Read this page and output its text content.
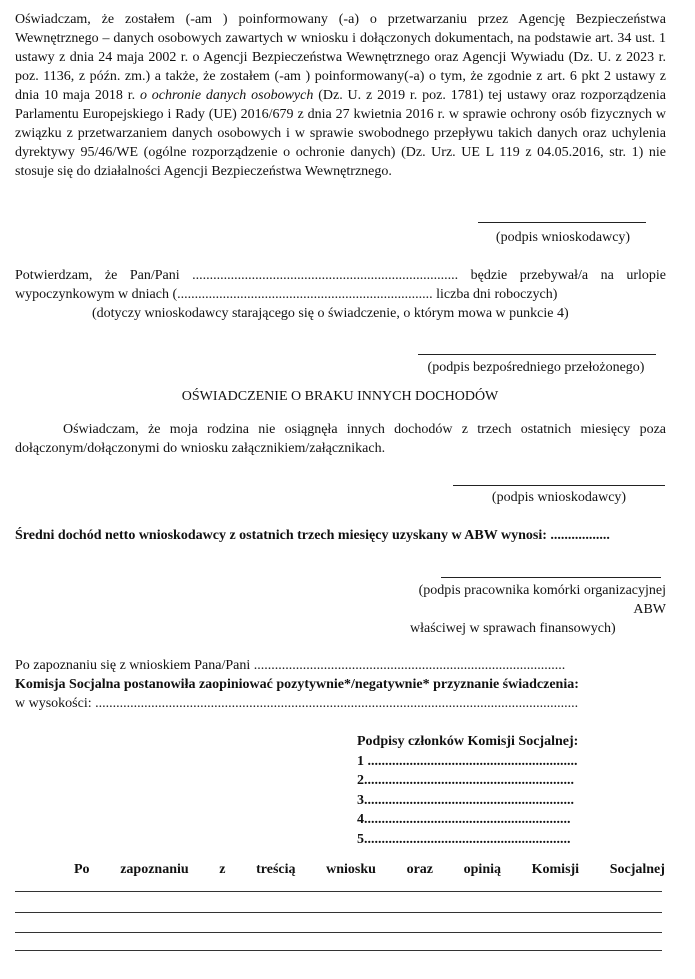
Oświadczam, że zostałem (-am ) poinformowany (-a) o przetwarzaniu przez Agencję Bezpieczeństwa Wewnętrznego – danych osobowych zawartych w wniosku i dołączonych dokumentach, na podstawie art. 34 ust. 1 ustawy z dnia 24 maja 2002 r. o Agencji Bezpieczeństwa Wewnętrznego oraz Agencji Wywiadu (Dz. U. z 2023 r. poz. 1136, z późn. zm.) a także, że zostałem (-am ) poinformowany(-a) o tym, że zgodnie z art. 6 pkt 2 ustawy z dnia 10 maja 2018 r. o ochronie danych osobowych (Dz. U. z 2019 r. poz. 1781) tej ustawy oraz rozporządzenia Parlamentu Europejskiego i Rady (UE) 2016/679 z dnia 27 kwietnia 2016 r. w sprawie ochrony osób fizycznych w związku z przetwarzaniem danych osobowych i w sprawie swobodnego przepływu takich danych oraz uchylenia dyrektywy 95/46/WE (ogólne rozporządzenie o ochronie danych) (Dz. Urz. UE L 119 z 04.05.2016, str. 1) nie stosuje się do działalności Agencji Bezpieczeństwa Wewnętrznego.
(podpis wnioskodawcy)
Potwierdzam, że Pan/Pani ............................................................................ będzie przebywał/a na urlopie
wypoczynkowym w dniach (......................................................................... liczba dni roboczych)
(dotyczy wnioskodawcy starającego się o świadczenie, o którym mowa w punkcie 4)
(podpis bezpośredniego przełożonego)
OŚWIADCZENIE O BRAKU INNYCH DOCHODÓW
Oświadczam, że moja rodzina nie osiągnęła innych dochodów z trzech ostatnich miesięcy poza dołączonym/dołączonymi do wniosku załącznikiem/załącznikach.
(podpis wnioskodawcy)
Średni dochód netto wnioskodawcy z ostatnich trzech miesięcy uzyskany w ABW wynosi: .................
(podpis pracownika komórki organizacyjnej
ABW
właściwej w sprawach finansowych)
Po zapoznaniu się z wnioskiem Pana/Pani .........................................................................................
Komisja Socjalna postanowiła zaopiniować pozytywnie*/negatywnie* przyznanie świadczenia:
w wysokości: ..........................................................................................................................................
Podpisy członków Komisji Socjalnej:
1 ............................................................
2............................................................
3............................................................
4...........................................................
5...........................................................
Po zapoznaniu z treścią wniosku oraz opinią Komisji Socjalnej
